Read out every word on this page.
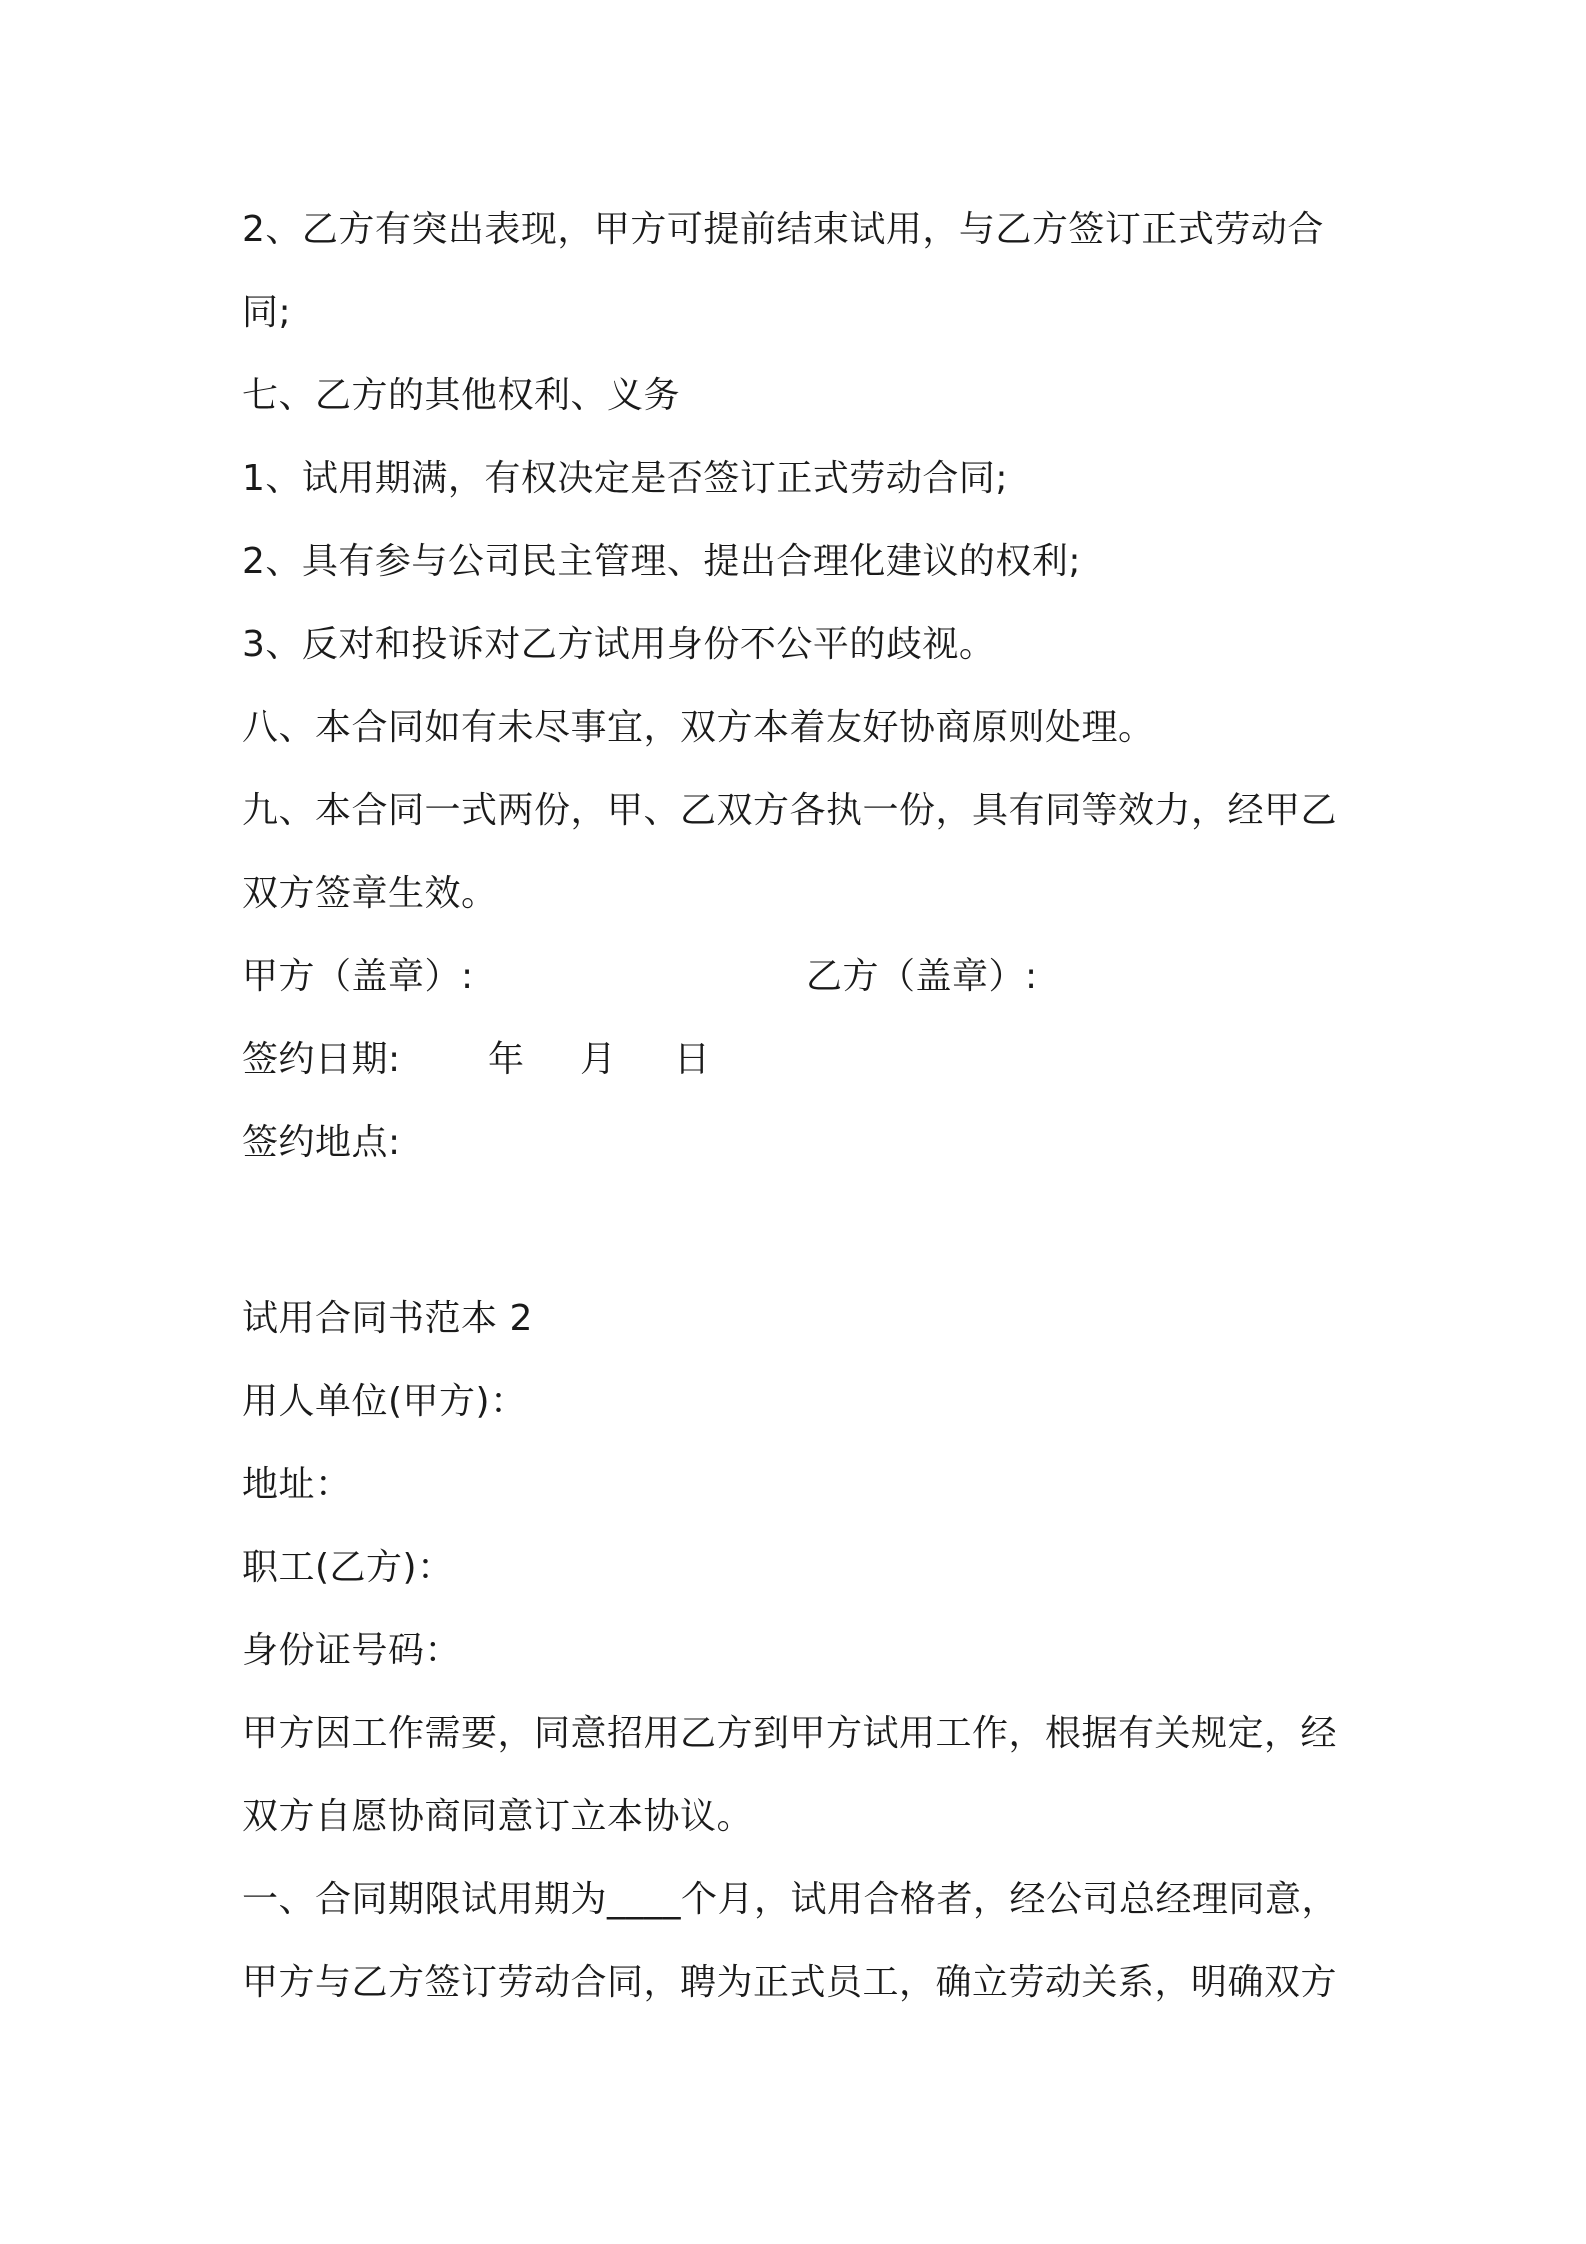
2、乙方有突出表现，甲方可提前结束试用，与乙方签订正式劳动合
同;
七、乙方的其他权利、义务
1、试用期满，有权决定是否签订正式劳动合同;
2、具有参与公司民主管理、提出合理化建议的权利;
3、反对和投诉对乙方试用身份不公平的歧视。
八、本合同如有未尽事宜，双方本着友好协商原则处理。
九、本合同一式两份，甲、乙双方各执一份，具有同等效力，经甲乙
双方签章生效。
甲方（盖章）:	乙方（盖章）:
签约日期:	年 月 日
签约地点:
试用合同书范本 2
用人单位(甲方)：
地址：
职工(乙方)：
身份证号码：
甲方因工作需要，同意招用乙方到甲方试用工作，根据有关规定，经
双方自愿协商同意订立本协议。
一、合同期限试用期为____个月，试用合格者，经公司总经理同意，
甲方与乙方签订劳动合同，聘为正式员工，确立劳动关系，明确双方
